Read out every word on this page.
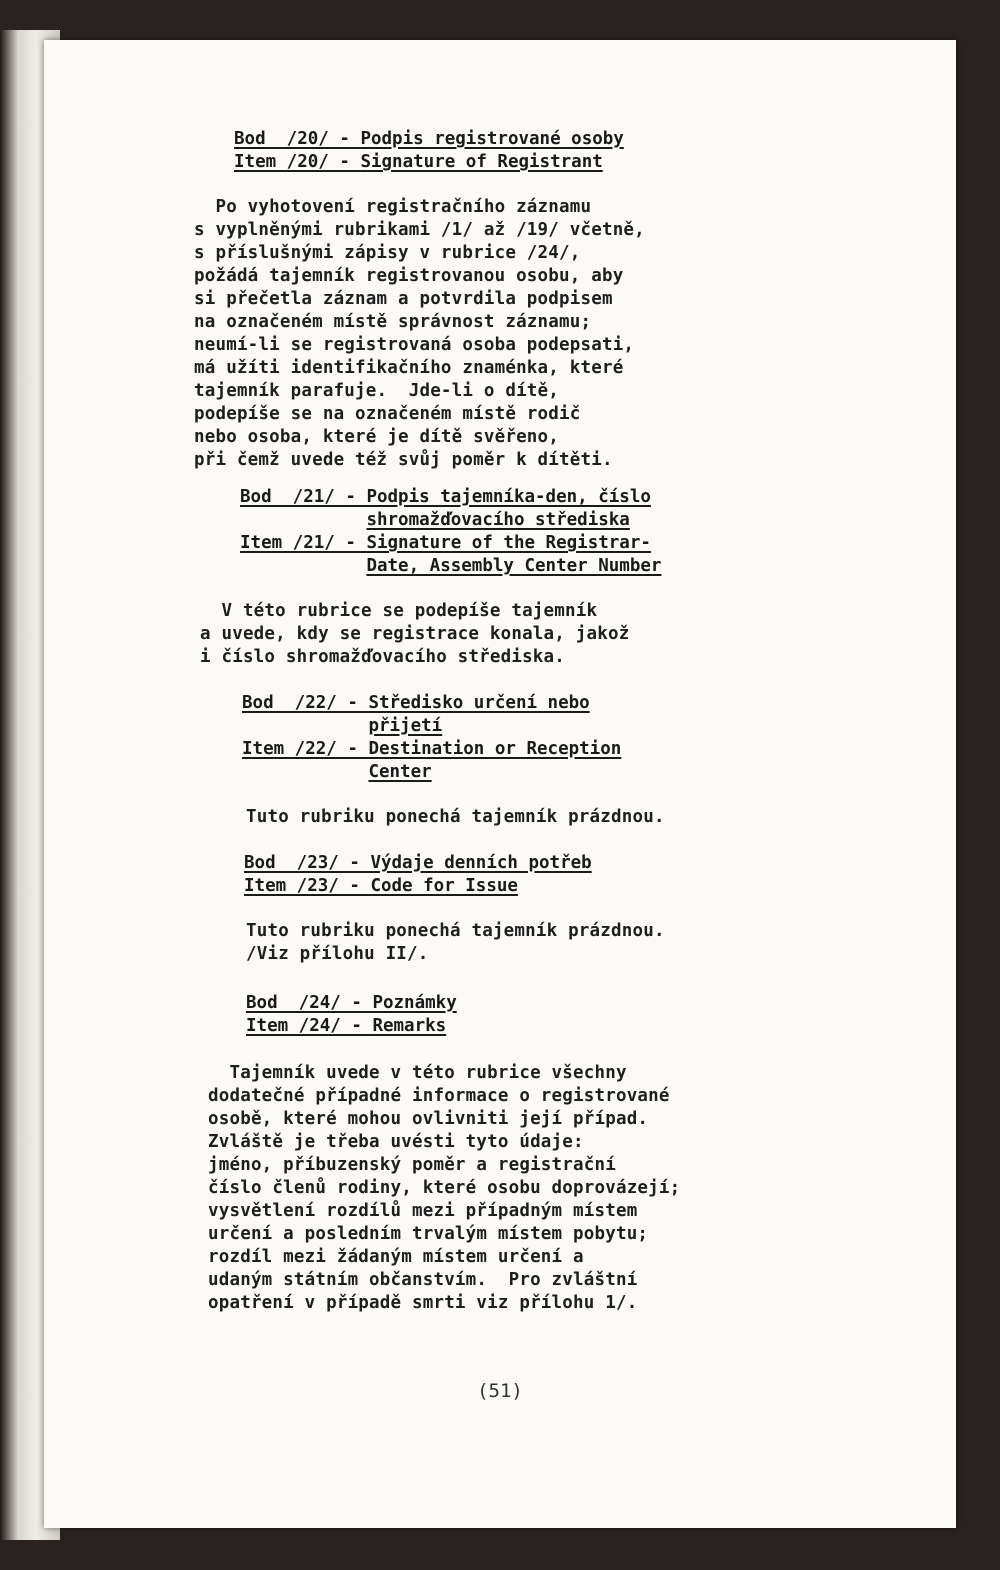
Bod  /20/ - Podpis registrované osoby
Item /20/ - Signature of Registrant
Po vyhotovení registračního záznamu
s vyplněnými rubrikami /1/ až /19/ včetně,
s příslušnými zápisy v rubrice /24/,
požádá tajemník registrovanou osobu, aby
si přečetla záznam a potvrdila podpisem
na označeném místě správnost záznamu;
neumí-li se registrovaná osoba podepsati,
má užíti identifikačního znaménka, které
tajemník parafuje.  Jde-li o dítě,
podepíše se na označeném místě rodič
nebo osoba, které je dítě svěřeno,
při čemž uvede též svůj poměr k dítěti.
Bod  /21/ - Podpis tajemníka-den, číslo

shromažďovacího střediska
Item /21/ - Signature of the Registrar-

Date, Assembly Center Number
V této rubrice se podepíše tajemník
a uvede, kdy se registrace konala, jakož
i číslo shromažďovacího střediska.
Bod  /22/ - Středisko určení nebo

přijetí
Item /22/ - Destination or Reception

Center
Tuto rubriku ponechá tajemník prázdnou.
Bod  /23/ - Výdaje denních potřeb
Item /23/ - Code for Issue
Tuto rubriku ponechá tajemník prázdnou.
/Viz přílohu II/.
Bod  /24/ - Poznámky
Item /24/ - Remarks
Tajemník uvede v této rubrice všechny
dodatečné případné informace o registrované
osobě, které mohou ovlivniti její případ.
Zvláště je třeba uvésti tyto údaje:
jméno, příbuzenský poměr a registrační
číslo členů rodiny, které osobu doprovázejí;
vysvětlení rozdílů mezi případným místem
určení a posledním trvalým místem pobytu;
rozdíl mezi žádaným místem určení a
udaným státním občanstvím.  Pro zvláštní
opatření v případě smrti viz přílohu 1/.
(51)
